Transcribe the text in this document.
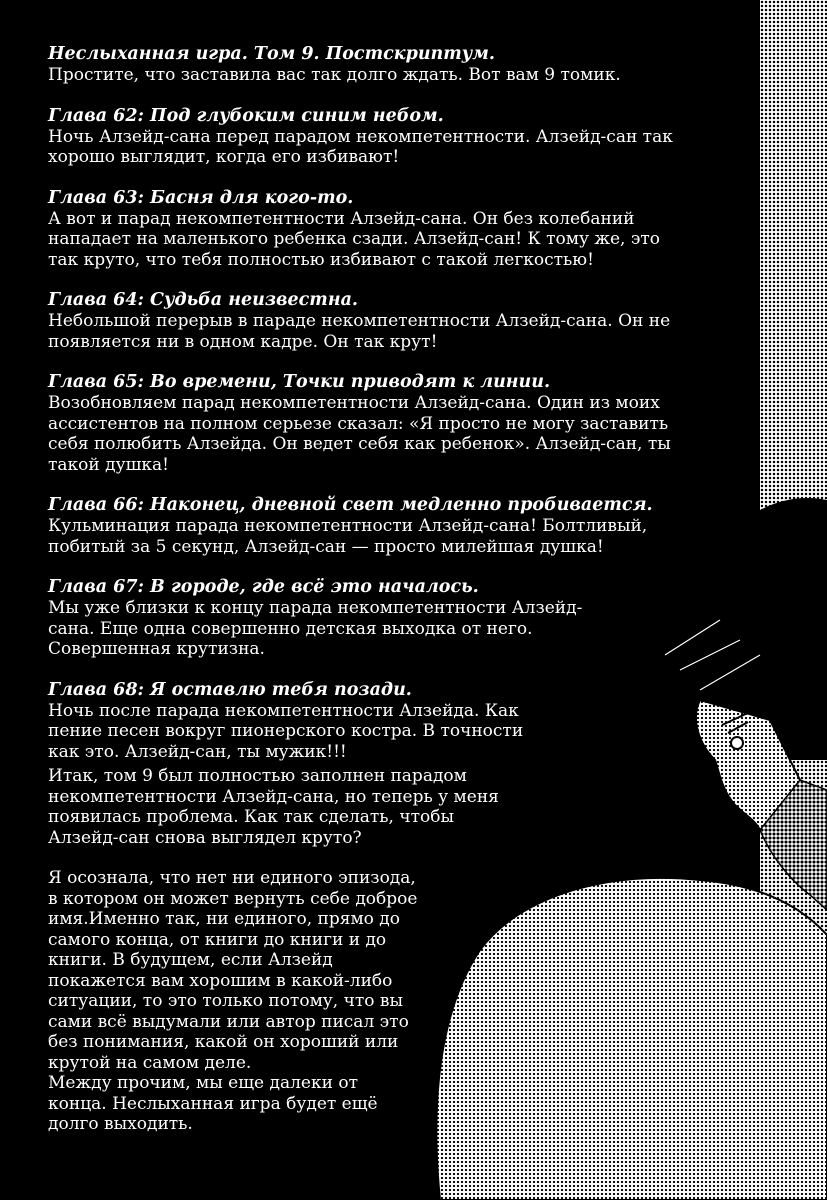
Неслыханная игра. Том 9. Постскриптум.

Простите, что заставила вас так долго ждать. Вот вам 9 томик.

Глава 62: Под глубоким синим небом.

Ночь Алзейд-сана перед парадом некомпетентности. Алзейд-сан так
хорошо выглядит, когда его избивают!

Глава 63: Басня для кого-то.

А вот и парад некомпетентности Алзейд-сана. Он без колебаний
нападает на маленького ребенка сзади. Алзейд-сан! К тому же, это
так круто, что тебя полностью избивают с такой легкостью!

Глава 64: Судьба неизвестна.

Небольшой перерыв в параде некомпетентности Алзейд-сана. Он не
появляется ни в одном кадре. Он так крут!

Глава 65: Во времени, Точки приводят к линии.

Возобновляем парад некомпетентности Алзейд-сана. Один из моих
ассистентов на полном серьезе сказал: «Я просто не могу заставить
себя полюбить Алзейда. Он ведет себя как ребенок». Алзейд-сан, ты
такой душка!

Глава 66: Наконец, дневной свет медленно пробивается.

Кульминация парада некомпетентности Алзейд-сана! Болтливый,
побитый за 5 секунд, Алзейд-сан — просто милейшая душка!

Глава 67: В городе, где всё это началось.

Мы уже близки к концу парада некомпетентности Алзейд-
сана. Еще одна совершенно детская выходка от него.
Совершенная крутизна.

Глава 68: Я оставлю тебя позади.

Ночь после парада некомпетентности Алзейда. Как
пение песен вокруг пионерского костра. В точности
как это. Алзейд-сан, ты мужик!!!

Итак, том 9 был полностью заполнен парадом
некомпетентности Алзейд-сана, но теперь у меня
появилась проблема. Как так сделать, чтобы
Алзейд-сан снова выглядел круто?

Я осознала, что нет ни единого эпизода,
в котором он может вернуть себе доброе
имя.Именно так, ни единого, прямо до
самого конца, от книги до книги и до
книги. В будущем, если Алзейд
покажется вам хорошим в какой-либо
ситуации, то это только потому, что вы
сами всё выдумали или автор писал это
без понимания, какой он хороший или
крутой на самом деле.
Между прочим, мы еще далеки от
конца. Неслыханная игра будет ещё
долго выходить.
